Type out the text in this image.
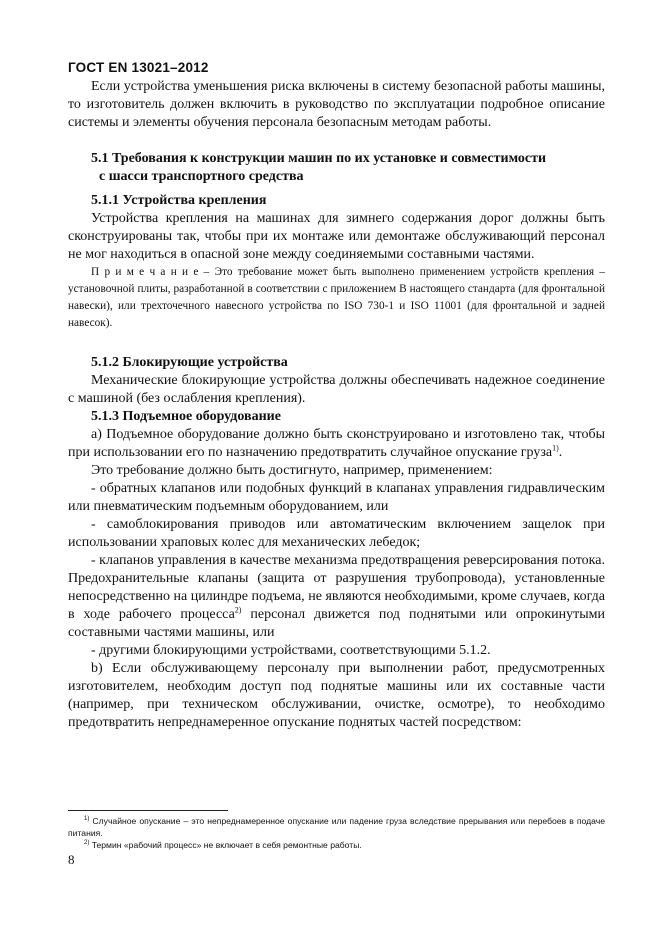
ГОСТ EN 13021–2012

Если устройства уменьшения риска включены в систему безопасной работы машины, то изготовитель должен включить в руководство по эксплуатации подробное описание системы и элементы обучения персонала безопасным методам работы.

5.1 Требования к конструкции машин по их установке и совместимости
с шасси транспортного средства

5.1.1 Устройства крепления

Устройства крепления на машинах для зимнего содержания дорог должны быть сконструированы так, чтобы при их монтаже или демонтаже обслуживающий персонал не мог находиться в опасной зоне между соединяемыми составными частями.

П р и м е ч а н и е – Это требование может быть выполнено применением устройств крепления – установочной плиты, разработанной в соответствии с приложением В настоящего стандарта (для фронтальной навески), или трехточечного навесного устройства по ISO 730-1 и ISO 11001 (для фронтальной и задней навесок).

5.1.2 Блокирующие устройства

Механические блокирующие устройства должны обеспечивать надежное соединение с машиной (без ослабления крепления).

5.1.3 Подъемное оборудование

а) Подъемное оборудование должно быть сконструировано и изготовлено так, чтобы при использовании его по назначению предотвратить случайное опускание груза$^{1)}$.

Это требование должно быть достигнуто, например, применением:

- обратных клапанов или подобных функций в клапанах управления гидравлическим или пневматическим подъемным оборудованием, или

- самоблокирования приводов или автоматическим включением защелок при использовании храповых колес для механических лебедок;

- клапанов управления в качестве механизма предотвращения реверсирования потока. Предохранительные клапаны (защита от разрушения трубопровода), установленные непосредственно на цилиндре подъема, не являются необходимыми, кроме случаев, когда в ходе рабочего процесса$^{2)}$ персонал движется под поднятыми или опрокинутыми составными частями машины, или

- другими блокирующими устройствами, соответствующими 5.1.2.

b) Если обслуживающему персоналу при выполнении работ, предусмотренных изготовителем, необходим доступ под поднятые машины или их составные части (например, при техническом обслуживании, очистке, осмотре), то необходимо предотвратить непреднамеренное опускание поднятых частей посредством:

$^{1)}$ Случайное опускание – это непреднамеренное опускание или падение груза вследствие прерывания или перебоев в подаче питания.

$^{2)}$ Термин «рабочий процесс» не включает в себя ремонтные работы.

8
